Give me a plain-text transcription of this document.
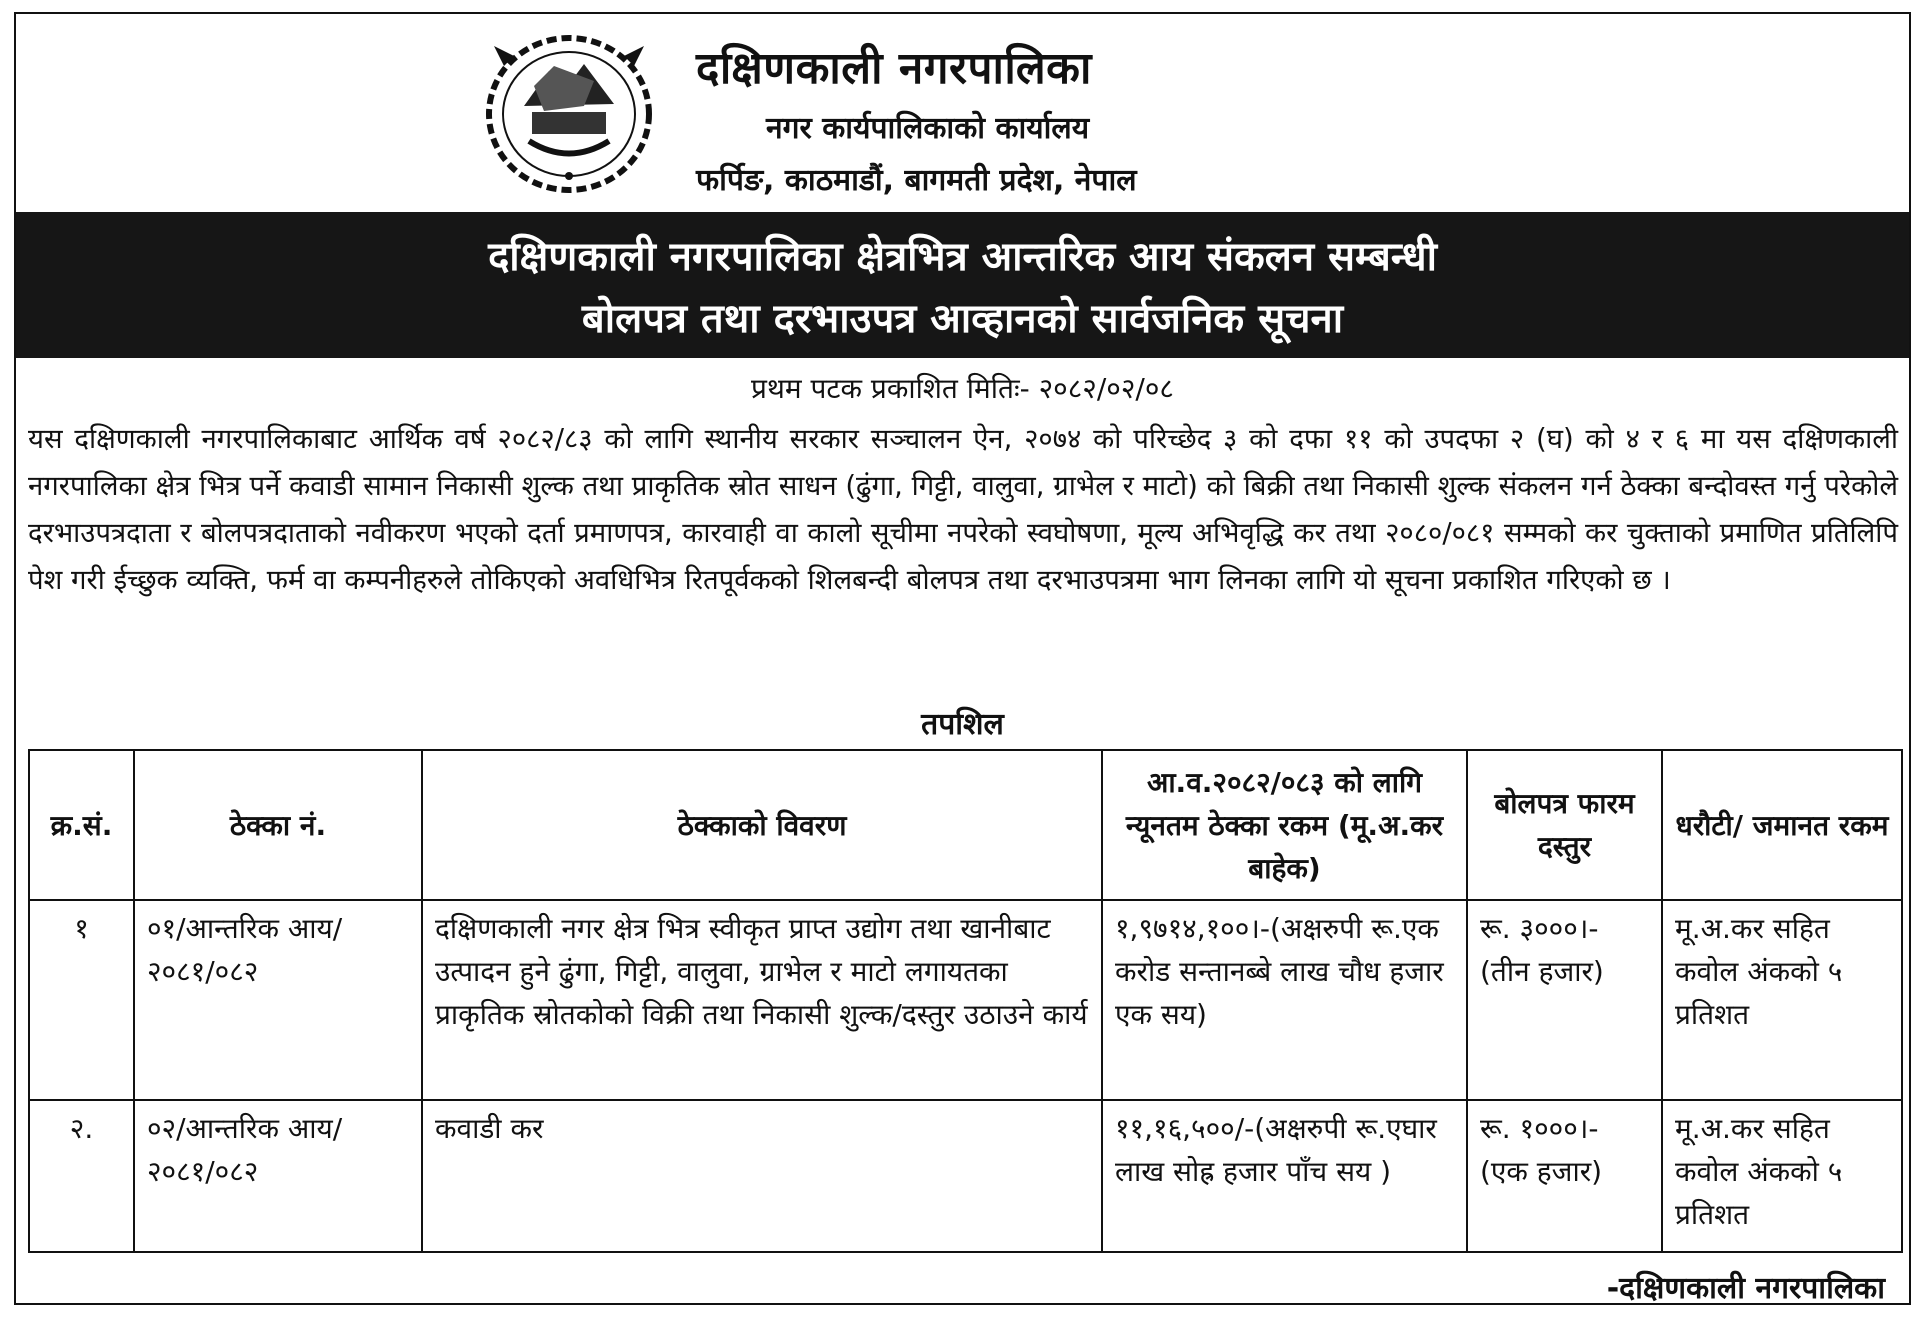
दक्षिणकाली नगरपालिका
नगर कार्यपालिकाको कार्यालय
फर्पिङ, काठमाडौं, बागमती प्रदेश, नेपाल
दक्षिणकाली नगरपालिका क्षेत्रभित्र आन्तरिक आय संकलन सम्बन्धी
बोलपत्र तथा दरभाउपत्र आव्हानको सार्वजनिक सूचना
प्रथम पटक प्रकाशित मितिः- २०८२/०२/०८
यस दक्षिणकाली नगरपालिकाबाट आर्थिक वर्ष २०८२/८३ को लागि स्थानीय सरकार सञ्चालन ऐन, २०७४ को परिच्छेद ३ को दफा ११ को उपदफा २ (घ) को ४ र ६ मा यस दक्षिणकाली नगरपालिका क्षेत्र भित्र पर्ने कवाडी सामान निकासी शुल्क तथा प्राकृतिक स्रोत साधन (ढुंगा, गिट्टी, वालुवा, ग्राभेल र माटो) को बिक्री तथा निकासी शुल्क संकलन गर्न ठेक्का बन्दोवस्त गर्नु परेकोले दरभाउपत्रदाता र बोलपत्रदाताको नवीकरण भएको दर्ता प्रमाणपत्र, कारवाही वा कालो सूचीमा नपरेको स्वघोषणा, मूल्य अभिवृद्धि कर तथा २०८०/०८१ सम्मको कर चुक्ताको प्रमाणित प्रतिलिपि पेश गरी ईच्छुक व्यक्ति, फर्म वा कम्पनीहरुले तोकिएको अवधिभित्र रितपूर्वकको शिलबन्दी बोलपत्र तथा दरभाउपत्रमा भाग लिनका लागि यो सूचना प्रकाशित गरिएको छ ।
तपशिल
क्र.सं.	ठेक्का नं.	ठेक्काको विवरण	आ.व.२०८२/०८३ को लागि न्यूनतम ठेक्का रकम (मू.अ.कर बाहेक)	बोलपत्र फारम दस्तुर	धरौटी/ जमानत रकम
१	०१/आन्तरिक आय/२०८१/०८२	दक्षिणकाली नगर क्षेत्र भित्र स्वीकृत प्राप्त उद्योग तथा खानीबाट उत्पादन हुने ढुंगा, गिट्टी, वालुवा, ग्राभेल र माटो लगायतका प्राकृतिक स्रोतकोको विक्री तथा निकासी शुल्क/दस्तुर उठाउने कार्य	१,९७१४,१००।-(अक्षरुपी रू.एक करोड सन्तानब्बे लाख चौध हजार एक सय)	रू. ३०००।- (तीन हजार)	मू.अ.कर सहित कवोल अंकको ५ प्रतिशत
२.	०२/आन्तरिक आय/२०८१/०८२	कवाडी कर	११,१६,५००/-(अक्षरुपी रू.एघार लाख सोह्र हजार पाँच सय )	रू. १०००।- (एक हजार)	मू.अ.कर सहित कवोल अंकको ५ प्रतिशत
-दक्षिणकाली नगरपालिका
